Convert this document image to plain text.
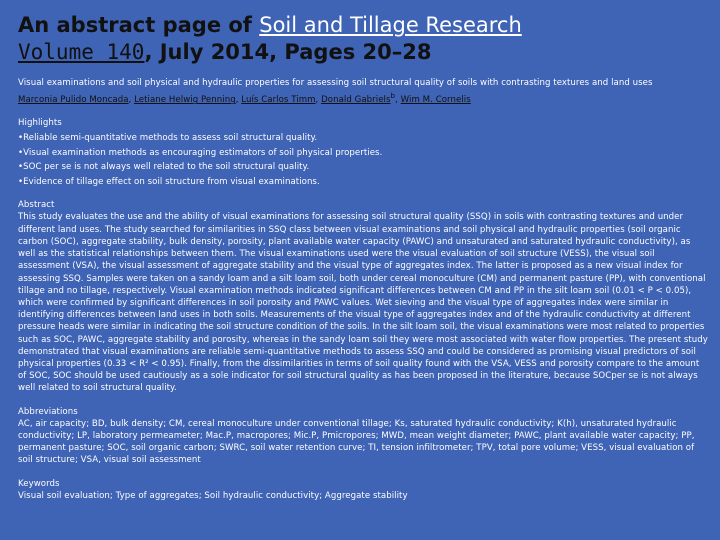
An abstract page of Soil and Tillage Research
Volume 140, July 2014, Pages 20–28
Visual examinations and soil physical and hydraulic properties for assessing soil structural quality of soils with contrasting textures and land uses
Marconia Pulido Moncada, Letiane Helwig Penning, Luís Carlos Timm, Donald Gabriels$^b$, Wim M. Cornelis
Highlights
•Reliable semi-quantitative methods to assess soil structural quality.
•Visual examination methods as encouraging estimators of soil physical properties.
•SOC per se is not always well related to the soil structural quality.
•Evidence of tillage effect on soil structure from visual examinations.
Abstract
This study evaluates the use and the ability of visual examinations for assessing soil structural quality (SSQ) in soils with contrasting textures and under different land uses. The study searched for similarities in SSQ class between visual examinations and soil physical and hydraulic properties (soil organic carbon (SOC), aggregate stability, bulk density, porosity, plant available water capacity (PAWC) and unsaturated and saturated hydraulic conductivity), as well as the statistical relationships between them. The visual examinations used were the visual evaluation of soil structure (VESS), the visual soil assessment (VSA), the visual assessment of aggregate stability and the visual type of aggregates index. The latter is proposed as a new visual index for assessing SSQ. Samples were taken on a sandy loam and a silt loam soil, both under cereal monoculture (CM) and permanent pasture (PP), with conventional tillage and no tillage, respectively. Visual examination methods indicated significant differences between CM and PP in the silt loam soil (0.01 < P < 0.05), which were confirmed by significant differences in soil porosity and PAWC values. Wet sieving and the visual type of aggregates index were similar in identifying differences between land uses in both soils. Measurements of the visual type of aggregates index and of the hydraulic conductivity at different pressure heads were similar in indicating the soil structure condition of the soils. In the silt loam soil, the visual examinations were most related to properties such as SOC, PAWC, aggregate stability and porosity, whereas in the sandy loam soil they were most associated with water flow properties. The present study demonstrated that visual examinations are reliable semi-quantitative methods to assess SSQ and could be considered as promising visual predictors of soil physical properties (0.33 < R² < 0.95). Finally, from the dissimilarities in terms of soil quality found with the VSA, VESS and porosity compare to the amount of SOC, SOC should be used cautiously as a sole indicator for soil structural quality as has been proposed in the literature, because SOCper se is not always well related to soil structural quality.
Abbreviations
AC, air capacity; BD, bulk density; CM, cereal monoculture under conventional tillage; Ks, saturated hydraulic conductivity; K(h), unsaturated hydraulic conductivity; LP, laboratory permeameter; Mac.P, macropores; Mic.P, Pmicropores; MWD, mean weight diameter; PAWC, plant available water capacity; PP, permanent pasture; SOC, soil organic carbon; SWRC, soil water retention curve; TI, tension infiltrometer; TPV, total pore volume; VESS, visual evaluation of soil structure; VSA, visual soil assessment
Keywords
Visual soil evaluation; Type of aggregates; Soil hydraulic conductivity; Aggregate stability
